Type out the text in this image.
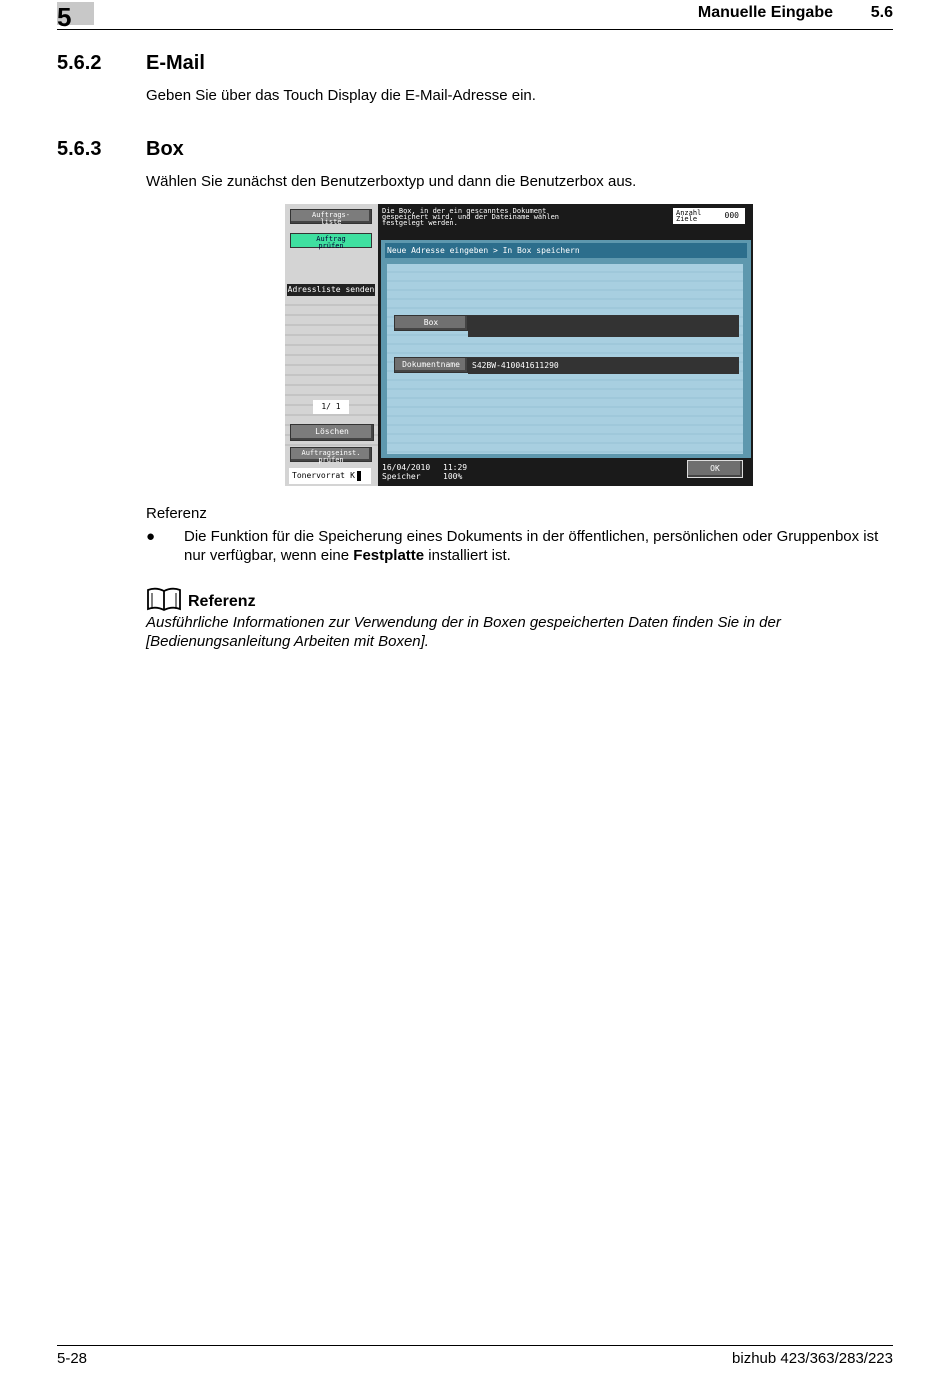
5	Manuelle Eingabe 5.6
5.6.2 E-Mail
Geben Sie über das Touch Display die E-Mail-Adresse ein.
5.6.3 Box
Wählen Sie zunächst den Benutzerboxtyp und dann die Benutzerbox aus.
Auftrags-
liste
Auftrag
prüfen
Adressliste senden
1/ 1
Löschen
Auftragseinst.
prüfen
Tonervorrat K
Die Box, in der ein gescanntes Dokument
gespeichert wird, und der Dateiname wählen
festgelegt werden.
Anzahl
Ziele	000
Neue Adresse eingeben > In Box speichern
Box
Dokumentname	S42BW-410041611290
16/04/2010
Speicher
11:29
100%
OK
Referenz
● Die Funktion für die Speicherung eines Dokuments in der öffentlichen, persönlichen oder Gruppenbox ist nur verfügbar, wenn eine Festplatte installiert ist.
Referenz
Ausführliche Informationen zur Verwendung der in Boxen gespeicherten Daten finden Sie in der [Bedienungsanleitung Arbeiten mit Boxen].
5-28	bizhub 423/363/283/223
